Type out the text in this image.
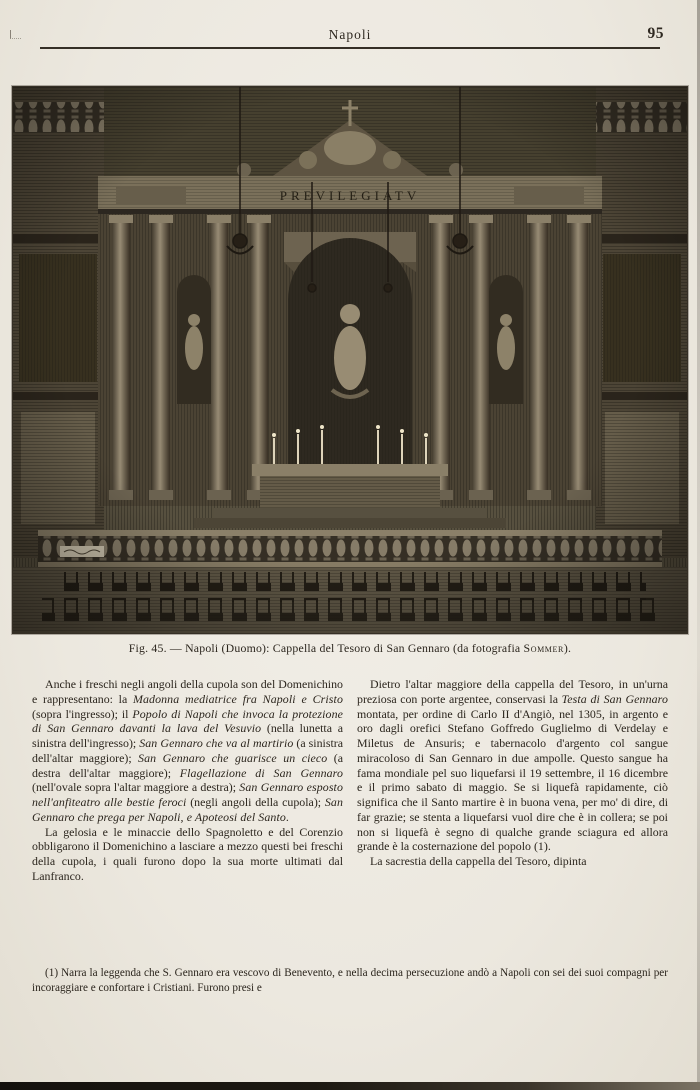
Napoli	95
Fig. 45. — Napoli (Duomo): Cappella del Tesoro di San Gennaro (da fotografia Sommer).

Anche i freschi negli angoli della cupola son del Domenichino e rappresentano: la Madonna mediatrice fra Napoli e Cristo (sopra l'ingresso); il Popolo di Napoli che invoca la protezione di San Gennaro davanti la lava del Vesuvio (nella lunetta a sinistra dell'ingresso); San Gennaro che va al martirio (a sinistra dell'altar maggiore); San Gennaro che guarisce un cieco (a destra dell'altar maggiore); Flagellazione di San Gennaro (nell'ovale sopra l'altar maggiore a destra); San Gennaro esposto nell'anfiteatro alle bestie feroci (negli angoli della cupola); San Gennaro che prega per Napoli, e Apoteosi del Santo.

La gelosia e le minaccie dello Spagnoletto e del Corenzio obbligarono il Domenichino a lasciare a mezzo questi bei freschi della cupola, i quali furono dopo la sua morte ultimati dal Lanfranco.

Dietro l'altar maggiore della cappella del Tesoro, in un'urna preziosa con porte argentee, conservasi la Testa di San Gennaro montata, per ordine di Carlo II d'Angiò, nel 1305, in argento e oro dagli orefici Stefano Goffredo Guglielmo di Verdelay e Miletus de Ansuris; e tabernacolo d'argento col sangue miracoloso di San Gennaro in due ampolle. Questo sangue ha fama mondiale pel suo liquefarsi il 19 settembre, il 16 dicembre e il primo sabato di maggio. Se si liquefà rapidamente, ciò significa che il Santo martire è in buona vena, per mo' di dire, di far grazie; se stenta a liquefarsi vuol dire che è in collera; se poi non si liquefà è segno di qualche grande sciagura ed allora grande è la costernazione del popolo (1).

La sacrestia della cappella del Tesoro, dipinta

(1) Narra la leggenda che S. Gennaro era vescovo di Benevento, e nella decima persecuzione andò a Napoli con sei dei suoi compagni per incoraggiare e confortare i Cristiani. Furono presi e
